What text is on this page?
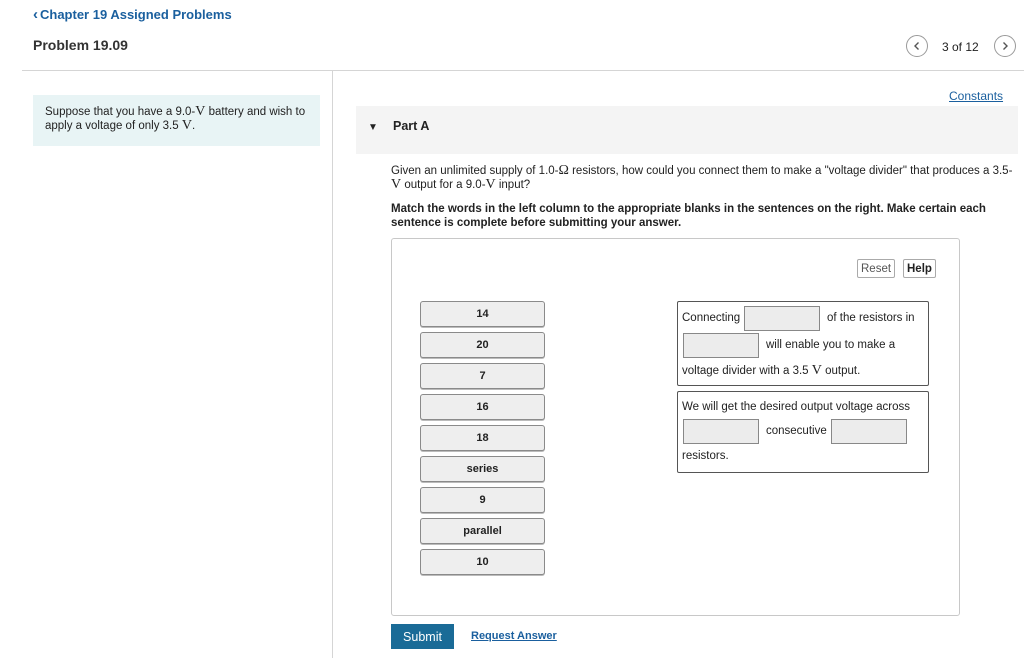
‹ Chapter 19 Assigned Problems
Problem 19.09	3 of 12
Suppose that you have a 9.0-V battery and wish to apply a voltage of only 3.5 V.
Constants
▼ Part A
Given an unlimited supply of 1.0-Ω resistors, how could you connect them to make a "voltage divider" that produces a 3.5-
V output for a 9.0-V input?
Match the words in the left column to the appropriate blanks in the sentences on the right. Make certain each sentence is complete before submitting your answer.
Reset	Help
14
20
7
16
18
series
9
parallel
10
Connecting	of the resistors in
will enable you to make a
voltage divider with a 3.5 V output.
We will get the desired output voltage across
consecutive
resistors.
Submit	Request Answer
